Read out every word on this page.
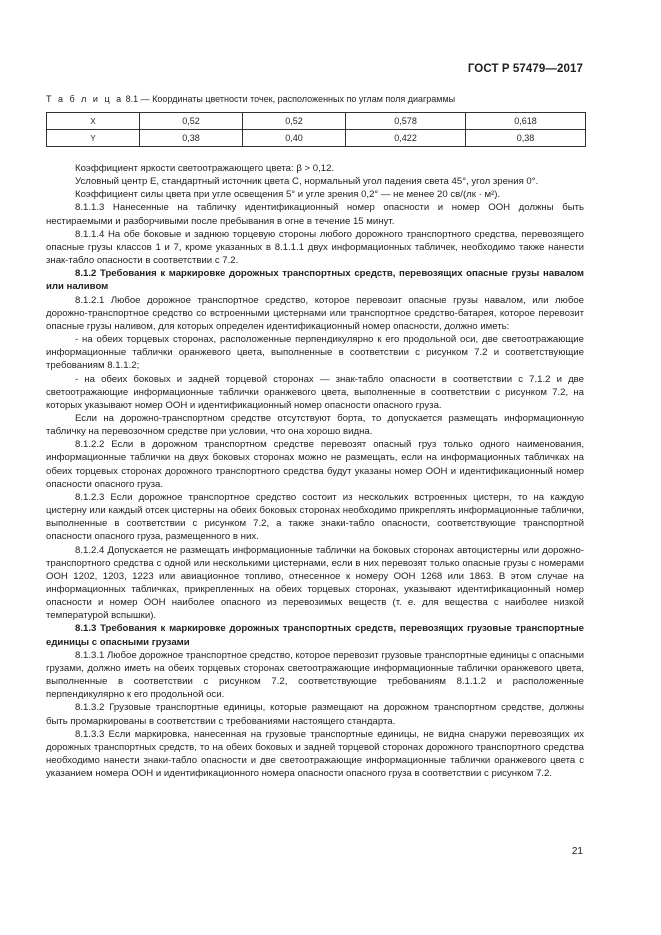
ГОСТ Р 57479—2017
Т а б л и ц а 8.1 — Координаты цветности точек, расположенных по углам поля диаграммы
X	0,52	0,52	0,578	0,618
Y	0,38	0,40	0,422	0,38

Коэффициент яркости светоотражающего цвета: β > 0,12.

Условный центр E, стандартный источник цвета C, нормальный угол падения света 45°, угол зрения 0°.

Коэффициент силы цвета при угле освещения 5° и угле зрения 0,2° — не менее 20 св/(лк · м²).

8.1.1.3 Нанесенные на табличку идентификационный номер опасности и номер ООН должны быть нестираемыми и разборчивыми после пребывания в огне в течение 15 минут.

8.1.1.4 На обе боковые и заднюю торцевую стороны любого дорожного транспортного средства, перевозящего опасные грузы классов 1 и 7, кроме указанных в 8.1.1.1 двух информационных табличек, необходимо также нанести знак-табло опасности в соответствии с 7.2.

8.1.2 Требования к маркировке дорожных транспортных средств, перевозящих опасные грузы навалом или наливом

8.1.2.1 Любое дорожное транспортное средство, которое перевозит опасные грузы навалом, или любое дорожно-транспортное средство со встроенными цистернами или транспортное средство-батарея, которое перевозит опасные грузы наливом, для которых определен идентификационный номер опасности, должно иметь:

- на обеих торцевых сторонах, расположенные перпендикулярно к его продольной оси, две светоотражающие информационные таблички оранжевого цвета, выполненные в соответствии с рисунком 7.2 и соответствующие требованиям 8.1.1.2;

- на обеих боковых и задней торцевой сторонах — знак-табло опасности в соответствии с 7.1.2 и две светоотражающие информационные таблички оранжевого цвета, выполненные в соответствии с рисунком 7.2, на которых указывают номер ООН и идентификационный номер опасности опасного груза.

Если на дорожно-транспортном средстве отсутствуют борта, то допускается размещать информационную табличку на перевозочном средстве при условии, что она хорошо видна.

8.1.2.2 Если в дорожном транспортном средстве перевозят опасный груз только одного наименования, информационные таблички на двух боковых сторонах можно не размещать, если на информационных табличках на обеих торцевых сторонах дорожного транспортного средства будут указаны номер ООН и идентификационный номер опасности опасного груза.

8.1.2.3 Если дорожное транспортное средство состоит из нескольких встроенных цистерн, то на каждую цистерну или каждый отсек цистерны на обеих боковых сторонах необходимо прикреплять информационные таблички, выполненные в соответствии с рисунком 7.2, а также знаки-табло опасности, соответствующие транспортной опасности опасного груза, размещенного в них.

8.1.2.4 Допускается не размещать информационные таблички на боковых сторонах автоцистерны или дорожно-транспортного средства с одной или несколькими цистернами, если в них перевозят только опасные грузы с номерами ООН 1202, 1203, 1223 или авиационное топливо, отнесенное к номеру ООН 1268 или 1863. В этом случае на информационных табличках, прикрепленных на обеих торцевых сторонах, указывают идентификационный номер опасности и номер ООН наиболее опасного из перевозимых веществ (т. е. для вещества с наиболее низкой температурой вспышки).

8.1.3 Требования к маркировке дорожных транспортных средств, перевозящих грузовые транспортные единицы с опасными грузами

8.1.3.1 Любое дорожное транспортное средство, которое перевозит грузовые транспортные единицы с опасными грузами, должно иметь на обеих торцевых сторонах светоотражающие информационные таблички оранжевого цвета, выполненные в соответствии с рисунком 7.2, соответствующие требованиям 8.1.1.2 и расположенные перпендикулярно к его продольной оси.

8.1.3.2 Грузовые транспортные единицы, которые размещают на дорожном транспортном средстве, должны быть промаркированы в соответствии с требованиями настоящего стандарта.

8.1.3.3 Если маркировка, нанесенная на грузовые транспортные единицы, не видна снаружи перевозящих их дорожных транспортных средств, то на обеих боковых и задней торцевой сторонах дорожного транспортного средства необходимо нанести знаки-табло опасности и две светоотражающие информационные таблички оранжевого цвета с указанием номера ООН и идентификационного номера опасности опасного груза в соответствии с рисунком 7.2.

21
